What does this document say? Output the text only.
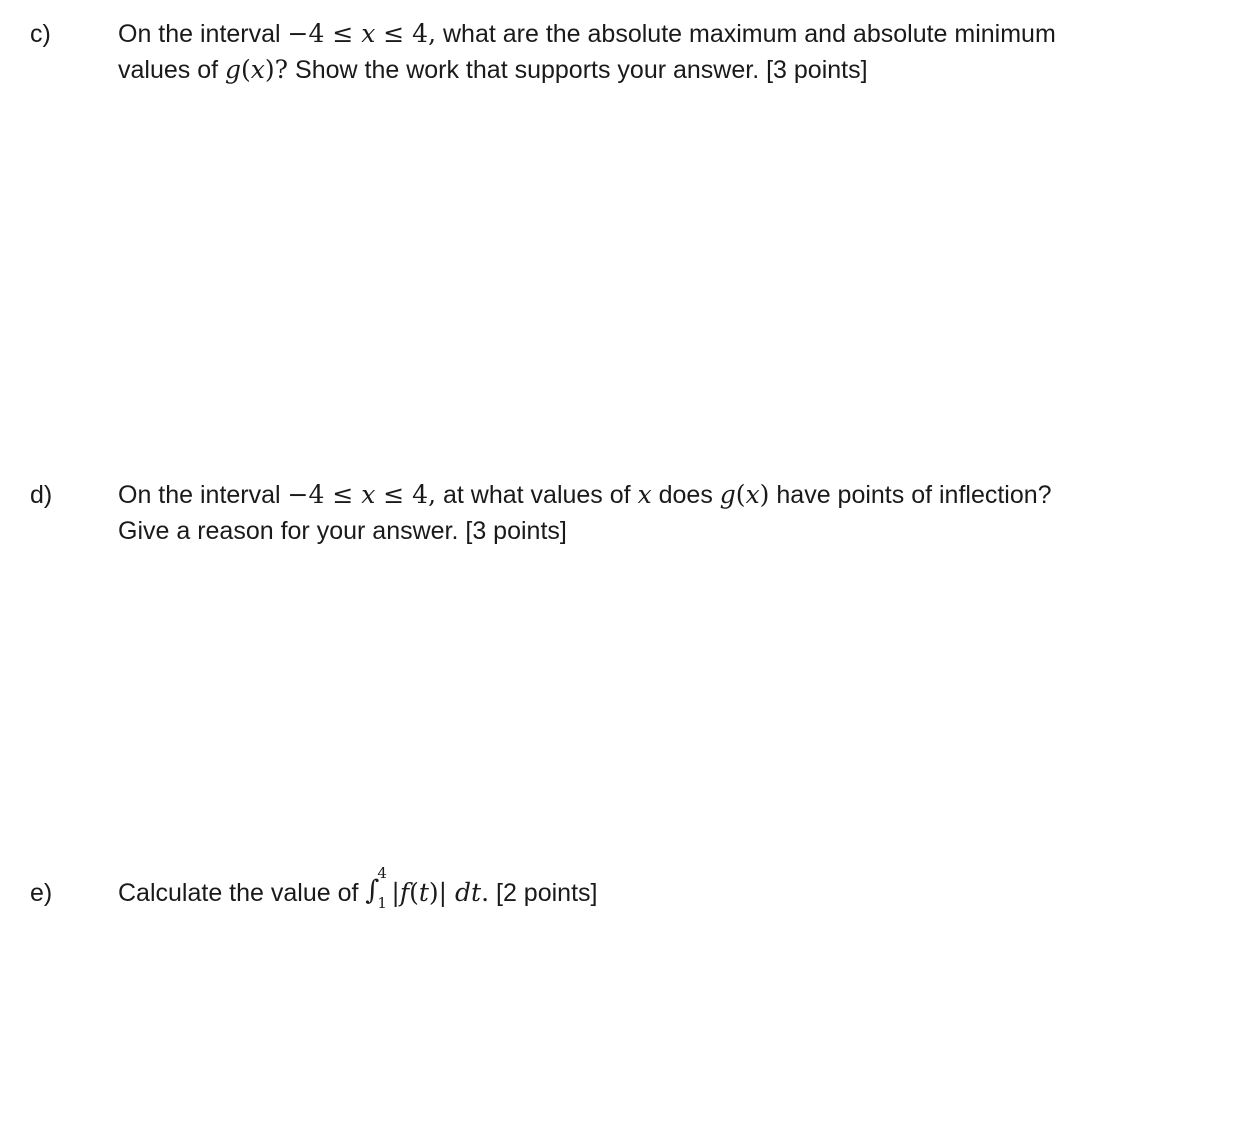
c)	On the interval −4 ≤ x ≤ 4, what are the absolute maximum and absolute minimum
values of g(x)? Show the work that supports your answer. [3 points]
d)	On the interval −4 ≤ x ≤ 4, at what values of x does g(x) have points of inflection?
Give a reason for your answer. [3 points]
e)	Calculate the value of ∫
4
1 |f(t)| dt. [2 points]
